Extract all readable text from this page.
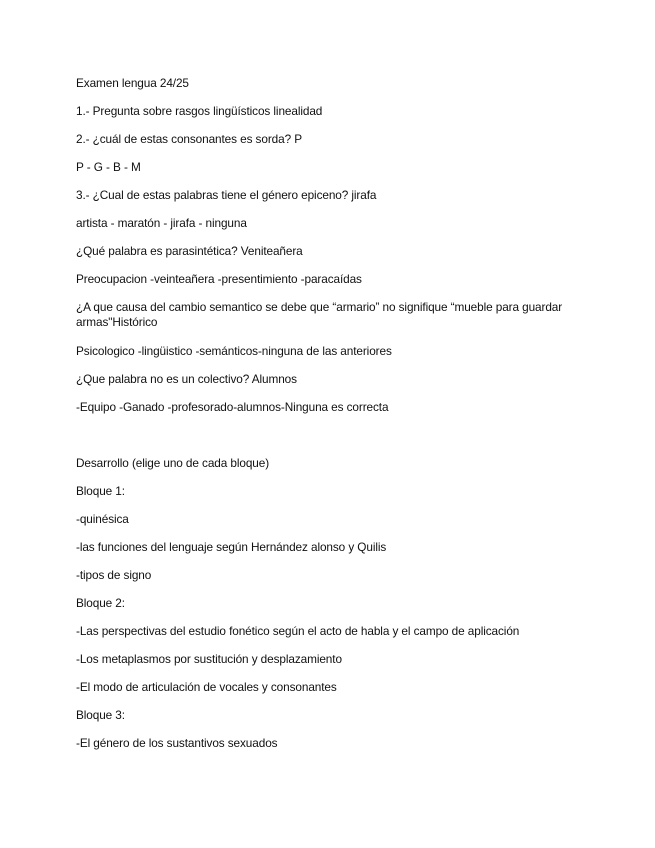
Examen lengua 24/25

1.- Pregunta sobre rasgos lingüísticos linealidad

2.- ¿cuál de estas consonantes es sorda? P

P - G - B - M

3.- ¿Cual de estas palabras tiene el género epiceno? jirafa

artista - maratón - jirafa - ninguna

¿Qué palabra es parasintética? Veniteañera

Preocupacion -veinteañera -presentimiento -paracaídas

¿A que causa del cambio semantico se debe que “armario” no signifique “mueble para guardar armas"Histórico

Psicologico -lingüistico -semánticos-ninguna de las anteriores

¿Que palabra no es un colectivo? Alumnos

-Equipo -Ganado -profesorado-alumnos-Ninguna es correcta

Desarrollo (elige uno de cada bloque)

Bloque 1:

-quinésica

-las funciones del lenguaje según Hernández alonso y Quilis

-tipos de signo

Bloque 2:

-Las perspectivas del estudio fonético según el acto de habla y el campo de aplicación

-Los metaplasmos por sustitución y desplazamiento

-El modo de articulación de vocales y consonantes

Bloque 3:

-El género de los sustantivos sexuados
